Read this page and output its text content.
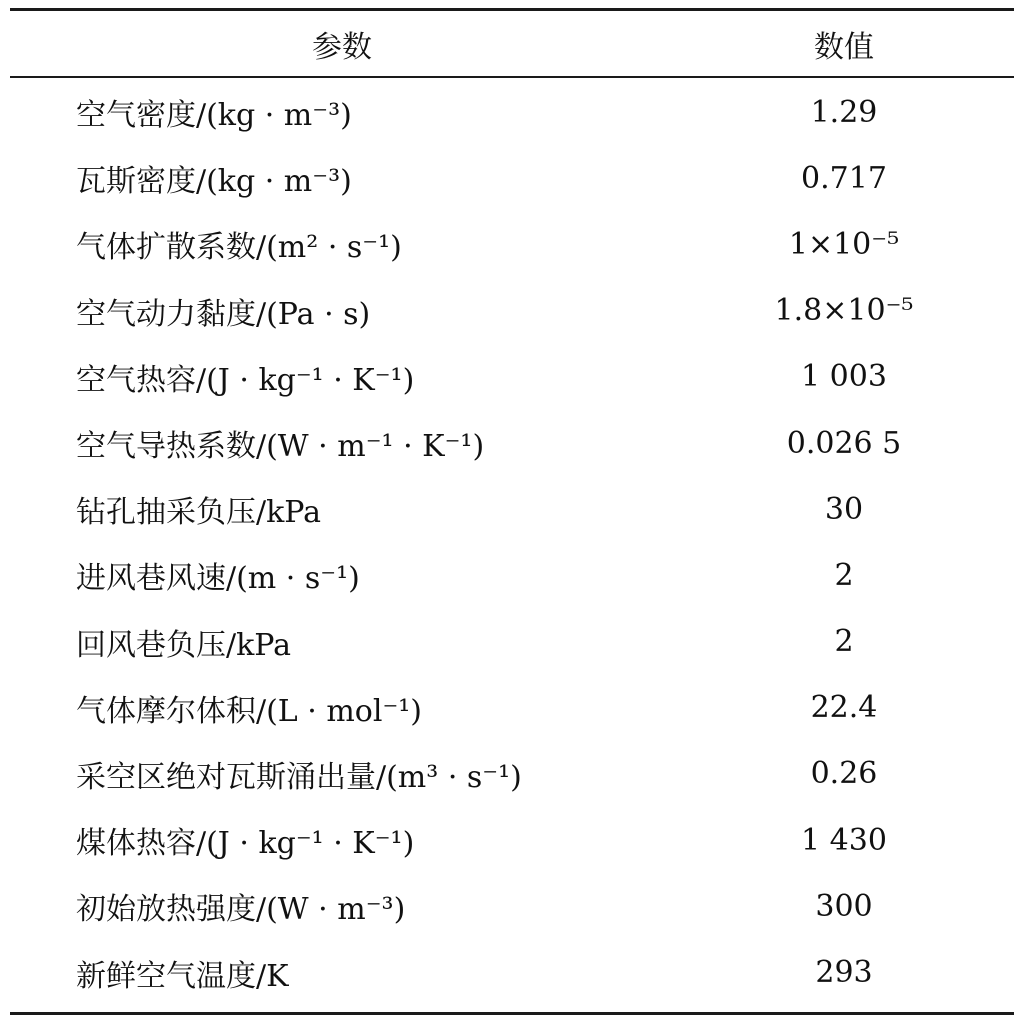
参数	数值
空气密度/(kg · m⁻³)	1.29
瓦斯密度/(kg · m⁻³)	0.717
气体扩散系数/(m² · s⁻¹)	1×10⁻⁵
空气动力黏度/(Pa · s)	1.8×10⁻⁵
空气热容/(J · kg⁻¹ · K⁻¹)	1 003
空气导热系数/(W · m⁻¹ · K⁻¹)	0.026 5
钻孔抽采负压/kPa	30
进风巷风速/(m · s⁻¹)	2
回风巷负压/kPa	2
气体摩尔体积/(L · mol⁻¹)	22.4
采空区绝对瓦斯涌出量/(m³ · s⁻¹)	0.26
煤体热容/(J · kg⁻¹ · K⁻¹)	1 430
初始放热强度/(W · m⁻³)	300
新鲜空气温度/K	293
